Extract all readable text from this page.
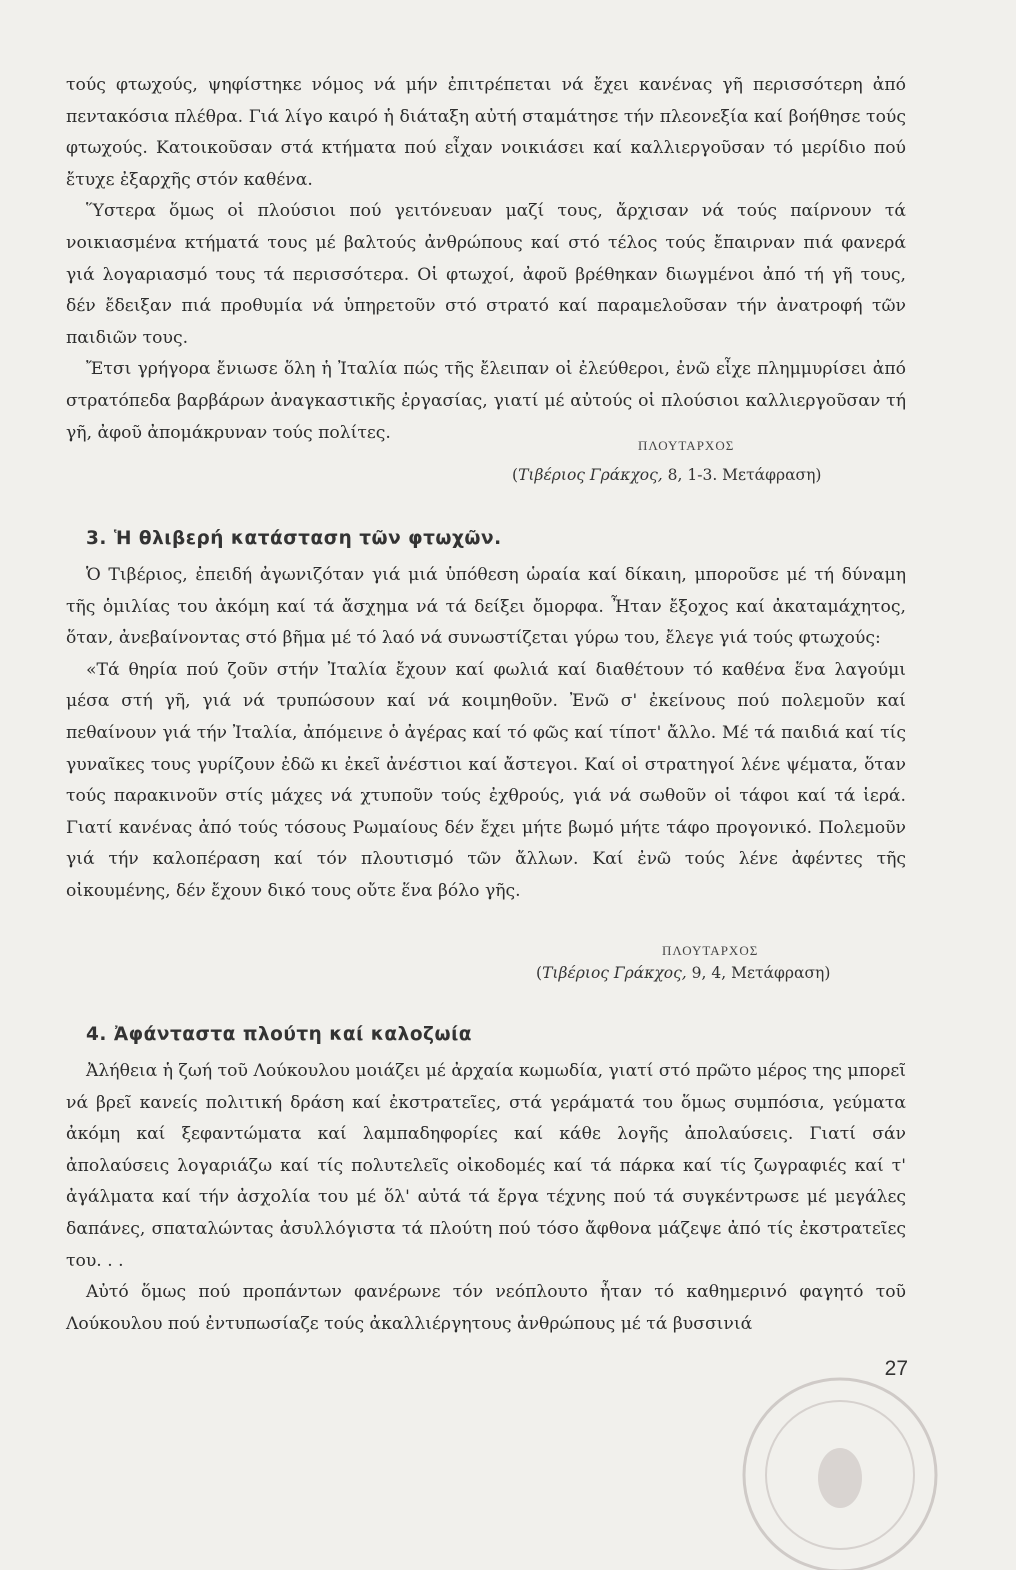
τούς φτωχούς, ψηφίστηκε νόμος νά μήν ἐπιτρέπεται νά ἔχει κανένας γῆ περισσότερη ἀπό πεντακόσια πλέθρα. Γιά λίγο καιρό ἡ διάταξη αὐτή σταμάτησε τήν πλεονεξία καί βοήθησε τούς φτωχούς. Κατοικοῦσαν στά κτήματα πού εἶχαν νοικιάσει καί καλλιεργοῦσαν τό μερίδιο πού ἔτυχε ἐξαρχῆς στόν καθένα.

Ὕστερα ὅμως οἱ πλούσιοι πού γειτόνευαν μαζί τους, ἄρχισαν νά τούς παίρνουν τά νοικιασμένα κτήματά τους μέ βαλτούς ἀνθρώπους καί στό τέλος τούς ἔπαιρναν πιά φανερά γιά λογαριασμό τους τά περισσότερα. Οἱ φτωχοί, ἀφοῦ βρέθηκαν διωγμένοι ἀπό τή γῆ τους, δέν ἔδειξαν πιά προθυμία νά ὑπηρετοῦν στό στρατό καί παραμελοῦσαν τήν ἀνατροφή τῶν παιδιῶν τους.

Ἔτσι γρήγορα ἔνιωσε ὅλη ἡ Ἰταλία πώς τῆς ἔλειπαν οἱ ἐλεύθεροι, ἐνῶ εἶχε πλημμυρίσει ἀπό στρατόπεδα βαρβάρων ἀναγκαστικῆς ἐργασίας, γιατί μέ αὐτούς οἱ πλούσιοι καλλιεργοῦσαν τή γῆ, ἀφοῦ ἀπομάκρυναν τούς πολίτες.

ΠΛΟΥΤΑΡΧΟΣ
(Τιβέριος Γράκχος, 8, 1-3. Μετάφραση)
3. Ἡ θλιβερή κατάσταση τῶν φτωχῶν.

Ὁ Τιβέριος, ἐπειδή ἀγωνιζόταν γιά μιά ὑπόθεση ὡραία καί δίκαιη, μποροῦσε μέ τή δύναμη τῆς ὁμιλίας του ἀκόμη καί τά ἄσχημα νά τά δείξει ὄμορφα. Ἦταν ἔξοχος καί ἀκαταμάχητος, ὅταν, ἀνεβαίνοντας στό βῆμα μέ τό λαό νά συνωστίζεται γύρω του, ἔλεγε γιά τούς φτωχούς:

«Τά θηρία πού ζοῦν στήν Ἰταλία ἔχουν καί φωλιά καί διαθέτουν τό καθένα ἕνα λαγούμι μέσα στή γῆ, γιά νά τρυπώσουν καί νά κοιμηθοῦν. Ἐνῶ σ' ἐκείνους πού πολεμοῦν καί πεθαίνουν γιά τήν Ἰταλία, ἀπόμεινε ὁ ἀγέρας καί τό φῶς καί τίποτ' ἄλλο. Μέ τά παιδιά καί τίς γυναῖκες τους γυρίζουν ἐδῶ κι ἐκεῖ ἀνέστιοι καί ἄστεγοι. Καί οἱ στρατηγοί λένε ψέματα, ὅταν τούς παρακινοῦν στίς μάχες νά χτυποῦν τούς ἐχθρούς, γιά νά σωθοῦν οἱ τάφοι καί τά ἱερά. Γιατί κανένας ἀπό τούς τόσους Ρωμαίους δέν ἔχει μήτε βωμό μήτε τάφο προγονικό. Πολεμοῦν γιά τήν καλοπέραση καί τόν πλουτισμό τῶν ἄλλων. Καί ἐνῶ τούς λένε ἀφέντες τῆς οἰκουμένης, δέν ἔχουν δικό τους οὔτε ἕνα βόλο γῆς.

ΠΛΟΥΤΑΡΧΟΣ
(Τιβέριος Γράκχος, 9, 4, Μετάφραση)
4. Ἀφάνταστα πλούτη καί καλοζωία

Ἀλήθεια ἡ ζωή τοῦ Λούκουλου μοιάζει μέ ἀρχαία κωμωδία, γιατί στό πρῶτο μέρος της μπορεῖ νά βρεῖ κανείς πολιτική δράση καί ἐκστρατεῖες, στά γεράματά του ὅμως συμπόσια, γεύματα ἀκόμη καί ξεφαντώματα καί λαμπαδηφορίες καί κάθε λογῆς ἀπολαύσεις. Γιατί σάν ἀπολαύσεις λογαριάζω καί τίς πολυτελεῖς οἰκοδομές καί τά πάρκα καί τίς ζωγραφιές καί τ' ἀγάλματα καί τήν ἀσχολία του μέ ὅλ' αὐτά τά ἔργα τέχνης πού τά συγκέντρωσε μέ μεγάλες δαπάνες, σπαταλώντας ἀσυλλόγιστα τά πλούτη πού τόσο ἄφθονα μάζεψε ἀπό τίς ἐκστρατεῖες του. . .

Αὐτό ὅμως πού προπάντων φανέρωνε τόν νεόπλουτο ἦταν τό καθημερινό φαγητό τοῦ Λούκουλου πού ἐντυπωσίαζε τούς ἀκαλλιέργητους ἀνθρώπους μέ τά βυσσινιά

27
